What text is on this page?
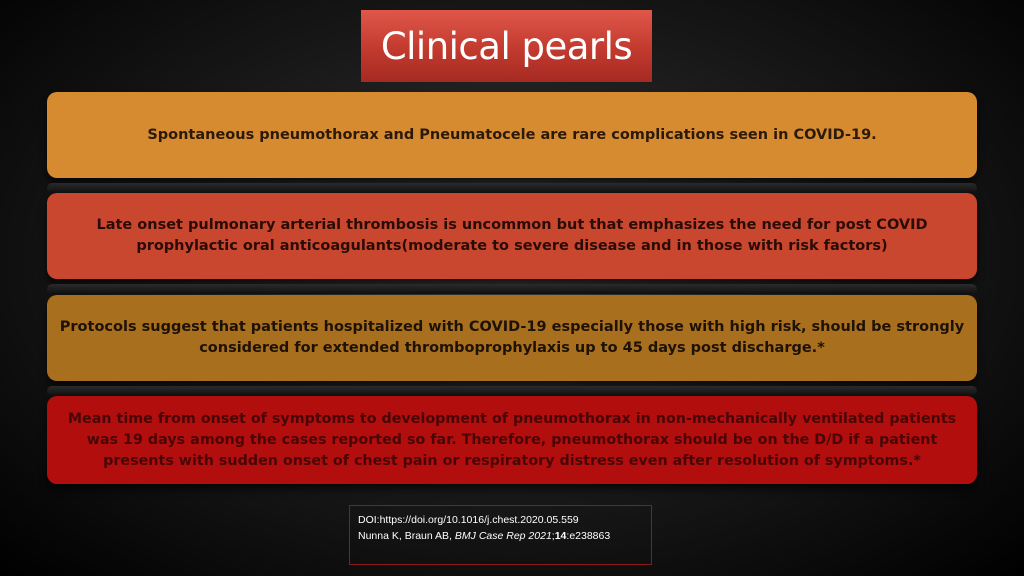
Clinical pearls
Spontaneous pneumothorax and Pneumatocele are rare complications seen in COVID-19.
Late onset pulmonary arterial thrombosis is uncommon but that emphasizes the need for post COVID prophylactic oral anticoagulants(moderate to severe disease and in those with risk factors)
Protocols suggest that patients hospitalized with COVID-19 especially those with high risk, should be strongly considered for extended thromboprophylaxis up to 45 days post discharge.*
Mean time from onset of symptoms to development of pneumothorax in non-mechanically ventilated patients was 19 days among the cases reported so far. Therefore, pneumothorax should be on the D/D if a patient presents with sudden onset of chest pain or respiratory distress even after resolution of symptoms.*
DOI:https://doi.org/10.1016/j.chest.2020.05.559
Nunna K, Braun AB, BMJ Case Rep 2021;14:e238863
